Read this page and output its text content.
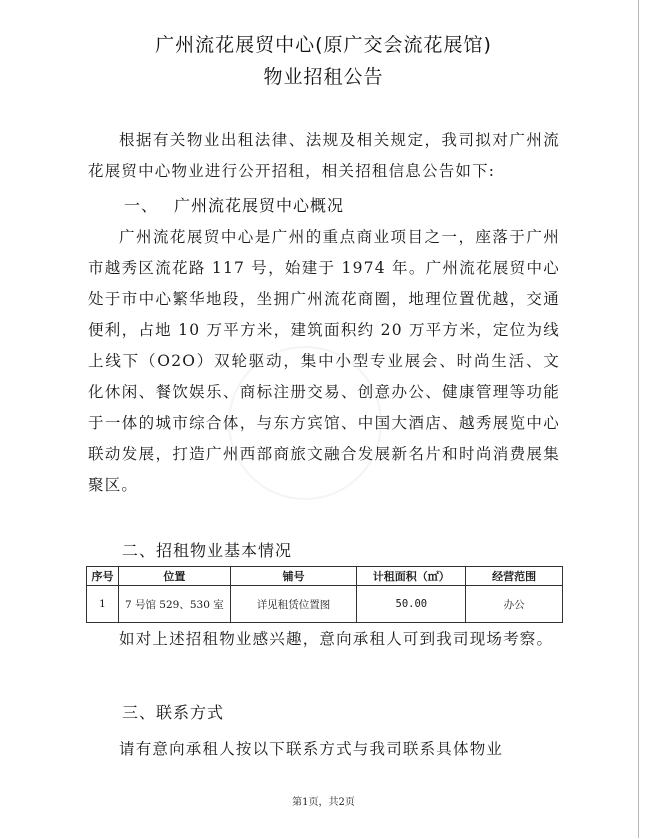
广州流花展贸中心(原广交会流花展馆)
物业招租公告
根据有关物业出租法律、法规及相关规定，我司拟对广州流花展贸中心物业进行公开招租，相关招租信息公告如下:
一、 广州流花展贸中心概况
广州流花展贸中心是广州的重点商业项目之一，座落于广州市越秀区流花路 117 号，始建于 1974 年。广州流花展贸中心处于市中心繁华地段，坐拥广州流花商圈，地理位置优越，交通便利，占地 10 万平方米，建筑面积约 20 万平方米，定位为线上线下（O2O）双轮驱动，集中小型专业展会、时尚生活、文化休闲、餐饮娱乐、商标注册交易、创意办公、健康管理等功能于一体的城市综合体，与东方宾馆、中国大酒店、越秀展览中心联动发展，打造广州西部商旅文融合发展新名片和时尚消费展集聚区。
二、招租物业基本情况
序号	位置	铺号	计租面积（㎡）	经营范围
1	7 号馆 529、530 室	详见租赁位置图	50.00	办公
如对上述招租物业感兴趣，意向承租人可到我司现场考察。
三、联系方式
请有意向承租人按以下联系方式与我司联系具体物业
第1页，共2页
